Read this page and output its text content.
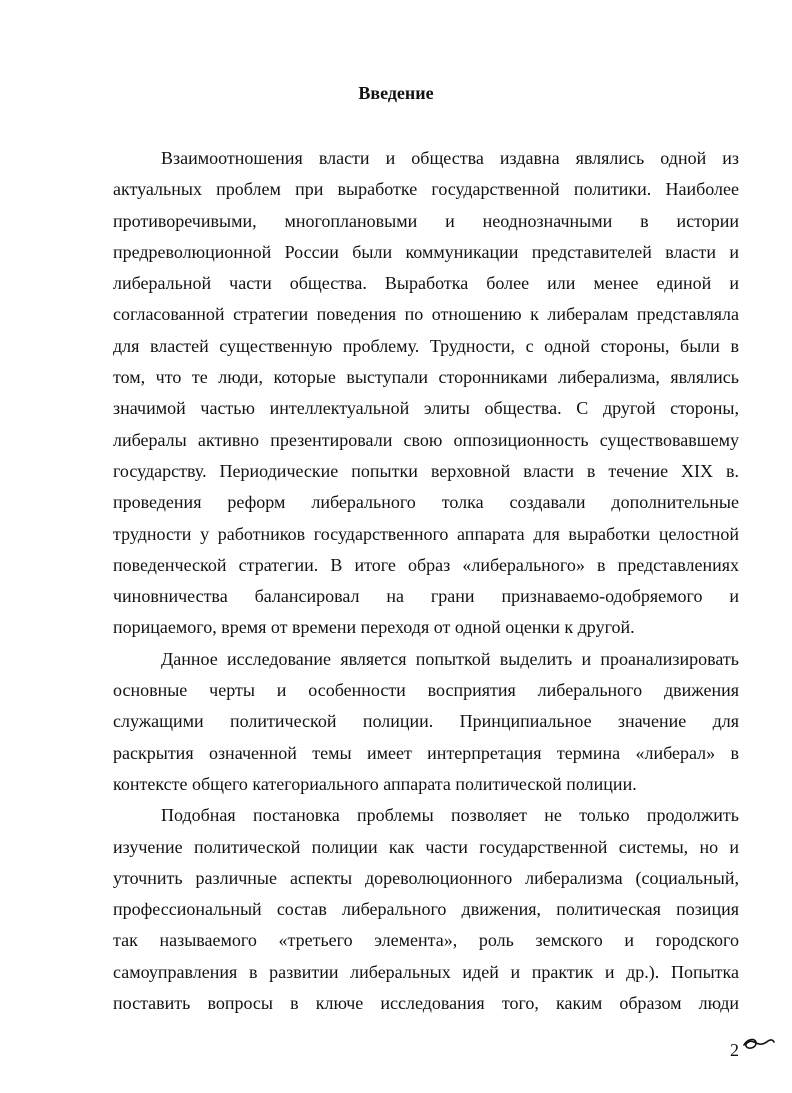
Введение
Взаимоотношения власти и общества издавна являлись одной из
актуальных проблем при выработке государственной политики. Наиболее
противоречивыми, многоплановыми и неоднозначными в истории
предреволюционной России были коммуникации представителей власти и
либеральной части общества. Выработка более или менее единой и
согласованной стратегии поведения по отношению к либералам представляла
для властей существенную проблему. Трудности, с одной стороны, были в
том, что те люди, которые выступали сторонниками либерализма, являлись
значимой частью интеллектуальной элиты общества. С другой стороны,
либералы активно презентировали свою оппозиционность существовавшему
государству. Периодические попытки верховной власти в течение XIX в.
проведения реформ либерального толка создавали дополнительные
трудности у работников государственного аппарата для выработки целостной
поведенческой стратегии. В итоге образ «либерального» в представлениях
чиновничества балансировал на грани признаваемо-одобряемого и
порицаемого, время от времени переходя от одной оценки к другой.
Данное исследование является попыткой выделить и проанализировать
основные черты и особенности восприятия либерального движения
служащими политической полиции. Принципиальное значение для
раскрытия означенной темы имеет интерпретация термина «либерал» в
контексте общего категориального аппарата политической полиции.
Подобная постановка проблемы позволяет не только продолжить
изучение политической полиции как части государственной системы, но и
уточнить различные аспекты дореволюционного либерализма (социальный,
профессиональный состав либерального движения, политическая позиция
так называемого «третьего элемента», роль земского и городского
самоуправления в развитии либеральных идей и практик и др.). Попытка
поставить вопросы в ключе исследования того, каким образом люди
2
